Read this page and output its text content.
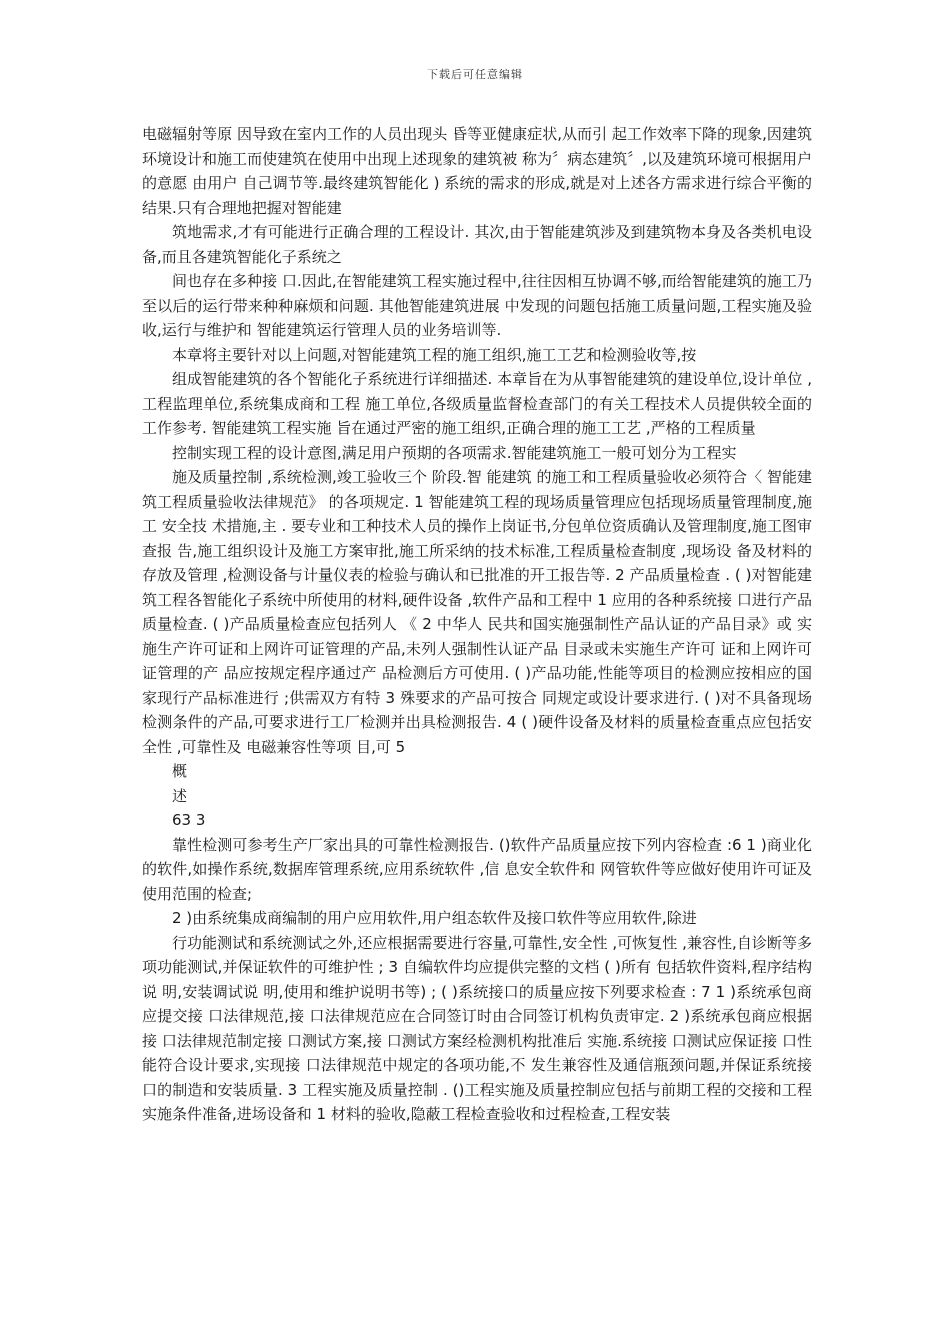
下载后可任意编辑

电磁辐射等原 因导致在室内工作的人员出现头 昏等亚健康症状,从而引 起工作效率下降的现象,因建筑环境设计和施工而使建筑在使用中出现上述现象的建筑被 称为〞病态建筑〞,以及建筑环境可根据用户的意愿 由用户 自己调节等.最终建筑智能化 ) 系统的需求的形成,就是对上述各方需求进行综合平衡的结果.只有合理地把握对智能建

筑地需求,才有可能进行正确合理的工程设计. 其次,由于智能建筑涉及到建筑物本身及各类机电设备,而且各建筑智能化子系统之

间也存在多种接 口.因此,在智能建筑工程实施过程中,往往因相互协调不够,而给智能建筑的施工乃至以后的运行带来种种麻烦和问题. 其他智能建筑进展 中发现的问题包括施工质量问题,工程实施及验 收,运行与维护和 智能建筑运行管理人员的业务培训等.

本章将主要针对以上问题,对智能建筑工程的施工组织,施工工艺和检测验收等,按

组成智能建筑的各个智能化子系统进行详细描述. 本章旨在为从事智能建筑的建设单位,设计单位 ,工程监理单位,系统集成商和工程 施工单位,各级质量监督检查部门的有关工程技术人员提供较全面的工作参考. 智能建筑工程实施 旨在通过严密的施工组织,正确合理的施工工艺 ,严格的工程质量

控制实现工程的设计意图,满足用户预期的各项需求.智能建筑施工一般可划分为工程实

施及质量控制 ,系统检测,竣工验收三个 阶段.智 能建筑 的施工和工程质量验收必须符合〈 智能建筑工程质量验收法律规范》 的各项规定. 1 智能建筑工程的现场质量管理应包括现场质量管理制度,施工 安全技 术措施,主 . 要专业和工种技术人员的操作上岗证书,分包单位资质确认及管理制度,施工图审查报 告,施工组织设计及施工方案审批,施工所采纳的技术标准,工程质量检查制度 ,现场设 备及材料的存放及管理 ,检测设备与计量仪表的检验与确认和已批准的开工报告等. 2 产品质量检查 . ( )对智能建筑工程各智能化子系统中所使用的材料,硬件设备 ,软件产品和工程中 1 应用的各种系统接 口进行产品质量检查. ( )产品质量检查应包括列人 《 2 中华人 民共和国实施强制性产品认证的产品目录》或 实施生产许可证和上网许可证管理的产品,未列人强制性认证产品 目录或未实施生产许可 证和上网许可证管理的产 品应按规定程序通过产 品检测后方可使用. ( )产品功能,性能等项目的检测应按相应的国家现行产品标准进行 ;供需双方有特 3 殊要求的产品可按合 同规定或设计要求进行. ( )对不具备现场检测条件的产品,可要求进行工厂检测并出具检测报告. 4 ( )硬件设备及材料的质量检查重点应包括安全性 ,可靠性及 电磁兼容性等项 目,可 5

概

述

63 3

靠性检测可参考生产厂家出具的可靠性检测报告. ()软件产品质量应按下列内容检查 :6 1 )商业化的软件,如操作系统,数据库管理系统,应用系统软件 ,信 息安全软件和 网管软件等应做好使用许可证及使用范围的检查;

2 )由系统集成商编制的用户应用软件,用户组态软件及接口软件等应用软件,除进

行功能测试和系统测试之外,还应根据需要进行容量,可靠性,安全性 ,可恢复性 ,兼容性,自诊断等多项功能测试,并保证软件的可维护性 ; 3 自编软件均应提供完整的文档 ( )所有 包括软件资料,程序结构说 明,安装调试说 明,使用和维护说明书等) ; ( )系统接口的质量应按下列要求检查 : 7 1 )系统承包商应提交接 口法律规范,接 口法律规范应在合同签订时由合同签订机构负责审定. 2 )系统承包商应根据接 口法律规范制定接 口测试方案,接 口测试方案经检测机构批准后 实施.系统接 口测试应保证接 口性能符合设计要求,实现接 口法律规范中规定的各项功能,不 发生兼容性及通信瓶颈问题,并保证系统接 口的制造和安装质量. 3 工程实施及质量控制 . ()工程实施及质量控制应包括与前期工程的交接和工程实施条件准备,进场设备和 1 材料的验收,隐蔽工程检查验收和过程检查,工程安装
